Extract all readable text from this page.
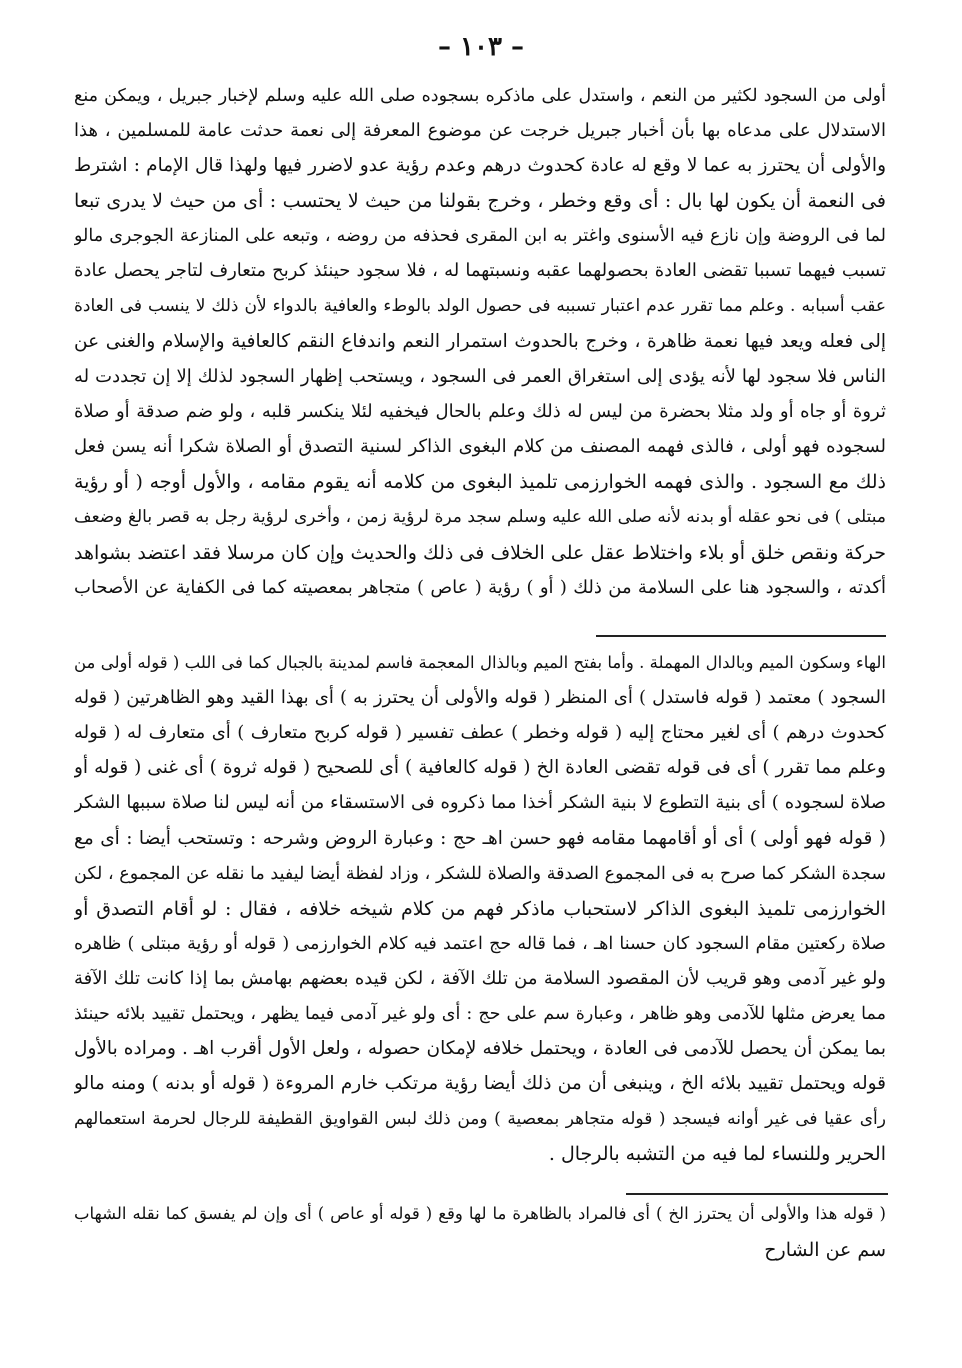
– ١٠٣ –
أولى من السجود لكثير من النعم ، واستدل على ماذكره بسجوده صلى الله عليه وسلم لإخبار جبريل ، ويمكن منع
الاستدلال على مدعاه بها بأن أخبار جبريل خرجت عن موضوع المعرفة إلى نعمة حدثت عامة للمسلمين ، هذا
والأولى أن يحترز به عما لا وقع له عادة كحدوث درهم وعدم رؤية عدو لاضرر فيها ولهذا قال الإمام : اشترط
فى النعمة أن يكون لها بال : أى وقع وخطر ، وخرج بقولنا من حيث لا يحتسب : أى من حيث لا يدرى تبعا
لما فى الروضة وإن نازع فيه الأسنوى واغتر به ابن المقرى فحذفه من روضه ، وتبعه على المنازعة الجوجرى مالو
تسبب فيهما تسببا تقضى العادة بحصولهما عقبه ونسبتهما له ، فلا سجود حينئذ كربح متعارف لتاجر يحصل عادة
عقب أسبابه . وعلم مما تقرر عدم اعتبار تسببه فى حصول الولد بالوطء والعافية بالدواء لأن ذلك لا ينسب فى العادة
إلى فعله ويعد فيها نعمة ظاهرة ، وخرج بالحدوث استمرار النعم واندفاع النقم كالعافية والإسلام والغنى عن
الناس فلا سجود لها لأنه يؤدى إلى استغراق العمر فى السجود ، ويستحب إظهار السجود لذلك إلا إن تجددت له
ثروة أو جاه أو ولد مثلا بحضرة من ليس له ذلك وعلم بالحال فيخفيه لئلا ينكسر قلبه ، ولو ضم صدقة أو صلاة
لسجوده فهو أولى ، فالذى فهمه المصنف من كلام البغوى الذاكر لسنية التصدق أو الصلاة شكرا أنه يسن فعل
ذلك مع السجود . والذى فهمه الخوارزمى تلميذ البغوى من كلامه أنه يقوم مقامه ، والأول أوجه ( أو رؤية
مبتلى ) فى نحو عقله أو بدنه لأنه صلى الله عليه وسلم سجد مرة لرؤية زمن ، وأخرى لرؤية رجل به قصر بالغ وضعف
حركة ونقص خلق أو بلاء واختلاط عقل على الخلاف فى ذلك والحديث وإن كان مرسلا فقد اعتضد بشواهد
أكدته ، والسجود هنا على السلامة من ذلك ( أو ) رؤية ( عاص ) متجاهر بمعصيته كما فى الكفاية عن الأصحاب
الهاء وسكون الميم وبالدال المهملة . وأما بفتح الميم وبالذال المعجمة فاسم لمدينة بالجبال كما فى اللب ( قوله أولى من
السجود ) معتمد ( قوله فاستدل ) أى المنظر ( قوله والأولى أن يحترز به ) أى بهذا القيد وهو الظاهرتين ( قوله
كحدوث درهم ) أى لغير محتاج إليه ( قوله وخطر ) عطف تفسير ( قوله كربح متعارف ) أى متعارف له ( قوله
وعلم مما تقرر ) أى فى قوله تقضى العادة الخ ( قوله كالعافية ) أى للصحيح ( قوله ثروة ) أى غنى ( قوله أو
صلاة لسجوده ) أى بنية التطوع لا بنية الشكر أخذا مما ذكروه فى الاستسقاء من أنه ليس لنا صلاة سببها الشكر
( قوله فهو أولى ) أى أو أقامهما مقامه فهو حسن اهـ حج : وعبارة الروض وشرحه : وتستحب أيضا : أى مع
سجدة الشكر كما صرح به فى المجموع الصدقة والصلاة للشكر ، وزاد لفظة أيضا ليفيد ما نقله عن المجموع ، لكن
الخوارزمى تلميذ البغوى الذاكر لاستحباب ماذكر فهم من كلام شيخه خلافه ، فقال : لو أقام التصدق أو
صلاة ركعتين مقام السجود كان حسنا اهـ ، فما قاله حج اعتمد فيه كلام الخوارزمى ( قوله أو رؤية مبتلى ) ظاهره
ولو غير آدمى وهو قريب لأن المقصود السلامة من تلك الآفة ، لكن قيده بعضهم بهامش بما إذا كانت تلك الآفة
مما يعرض مثلها للآدمى وهو ظاهر ، وعبارة سم على حج : أى ولو غير آدمى فيما يظهر ، ويحتمل تقييد بلائه حينئذ
بما يمكن أن يحصل للآدمى فى العادة ، ويحتمل خلافه لإمكان حصوله ، ولعل الأول أقرب اهـ . ومراده بالأول
قوله ويحتمل تقييد بلائه الخ ، وينبغى أن من ذلك أيضا رؤية مرتكب خارم المروءة ( قوله أو بدنه ) ومنه مالو
رأى عقيا فى غير أوانه فيسجد ( قوله متجاهر بمعصية ) ومن ذلك لبس القواويق القطيفة للرجال لحرمة استعمالهم
الحرير وللنساء لما فيه من التشبه بالرجال .
( قوله هذا والأولى أن يحترز الخ ) أى فالمراد بالظاهرة ما لها وقع ( قوله أو عاص ) أى وإن لم يفسق كما نقله الشهاب
سم عن الشارح
